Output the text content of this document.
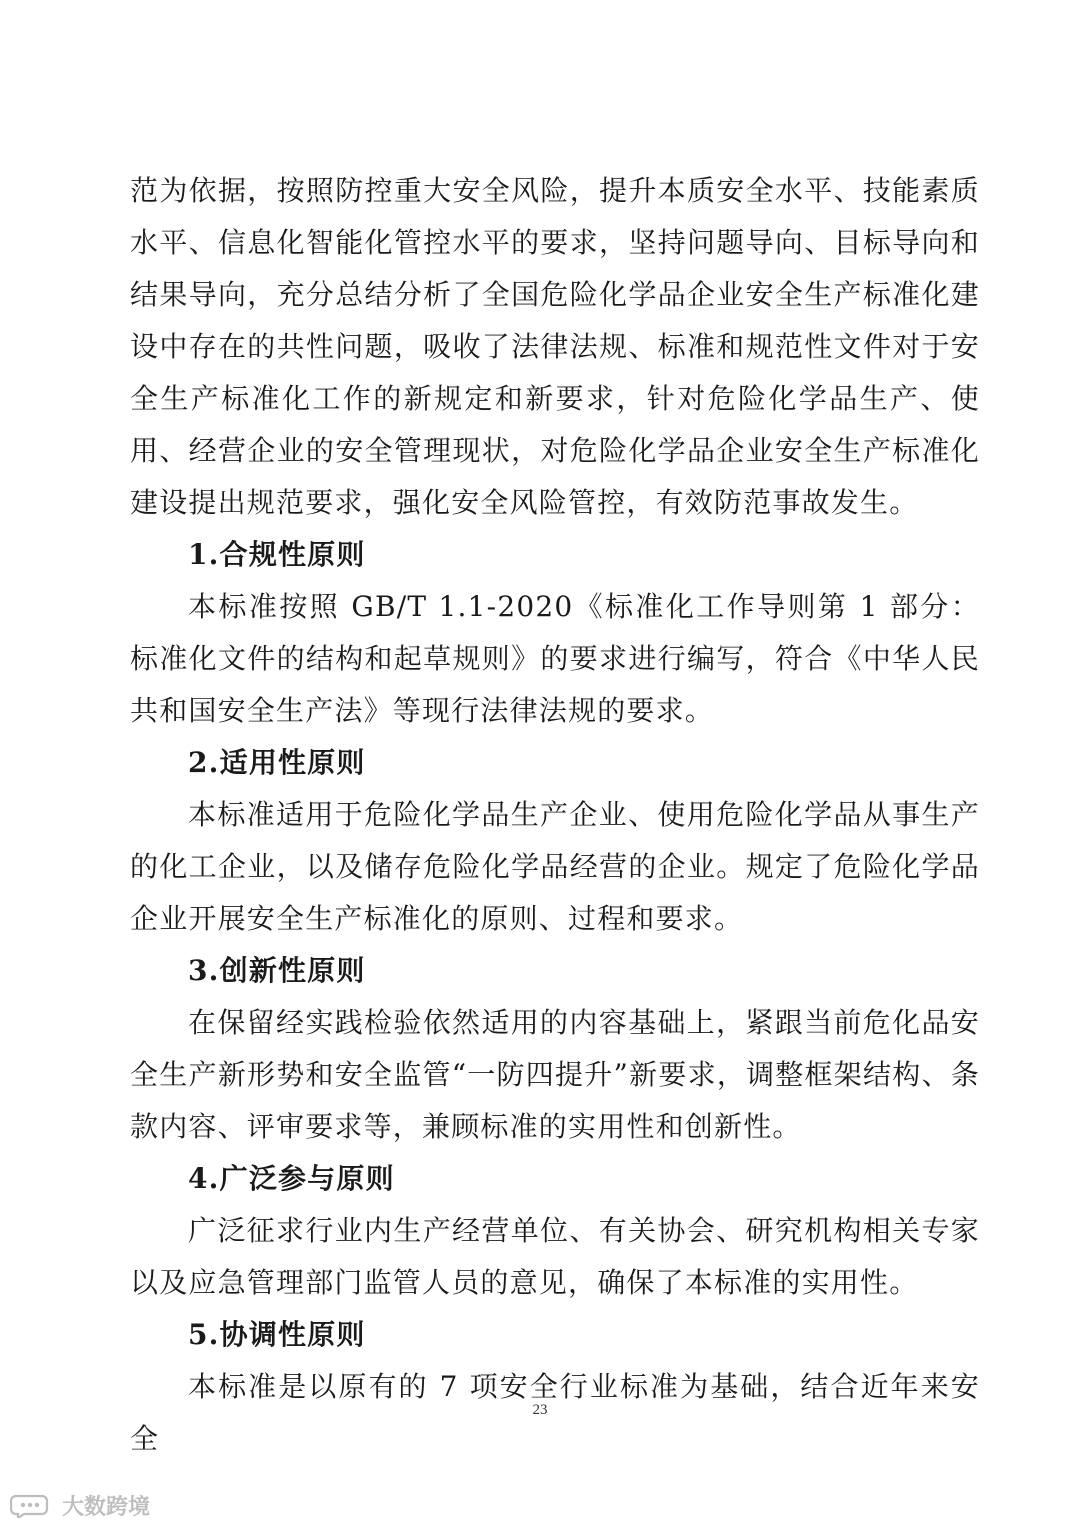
范为依据，按照防控重大安全风险，提升本质安全水平、技能素质水平、信息化智能化管控水平的要求，坚持问题导向、目标导向和结果导向，充分总结分析了全国危险化学品企业安全生产标准化建设中存在的共性问题，吸收了法律法规、标准和规范性文件对于安全生产标准化工作的新规定和新要求，针对危险化学品生产、使用、经营企业的安全管理现状，对危险化学品企业安全生产标准化建设提出规范要求，强化安全风险管控，有效防范事故发生。

1.合规性原则

本标准按照 GB/T 1.1-2020《标准化工作导则第 1 部分：标准化文件的结构和起草规则》的要求进行编写，符合《中华人民共和国安全生产法》等现行法律法规的要求。

2.适用性原则

本标准适用于危险化学品生产企业、使用危险化学品从事生产的化工企业，以及储存危险化学品经营的企业。规定了危险化学品企业开展安全生产标准化的原则、过程和要求。

3.创新性原则

在保留经实践检验依然适用的内容基础上，紧跟当前危化品安全生产新形势和安全监管“一防四提升”新要求，调整框架结构、条款内容、评审要求等，兼顾标准的实用性和创新性。

4.广泛参与原则

广泛征求行业内生产经营单位、有关协会、研究机构相关专家以及应急管理部门监管人员的意见，确保了本标准的实用性。

5.协调性原则

本标准是以原有的 7 项安全行业标准为基础，结合近年来安全

23
大数跨境
